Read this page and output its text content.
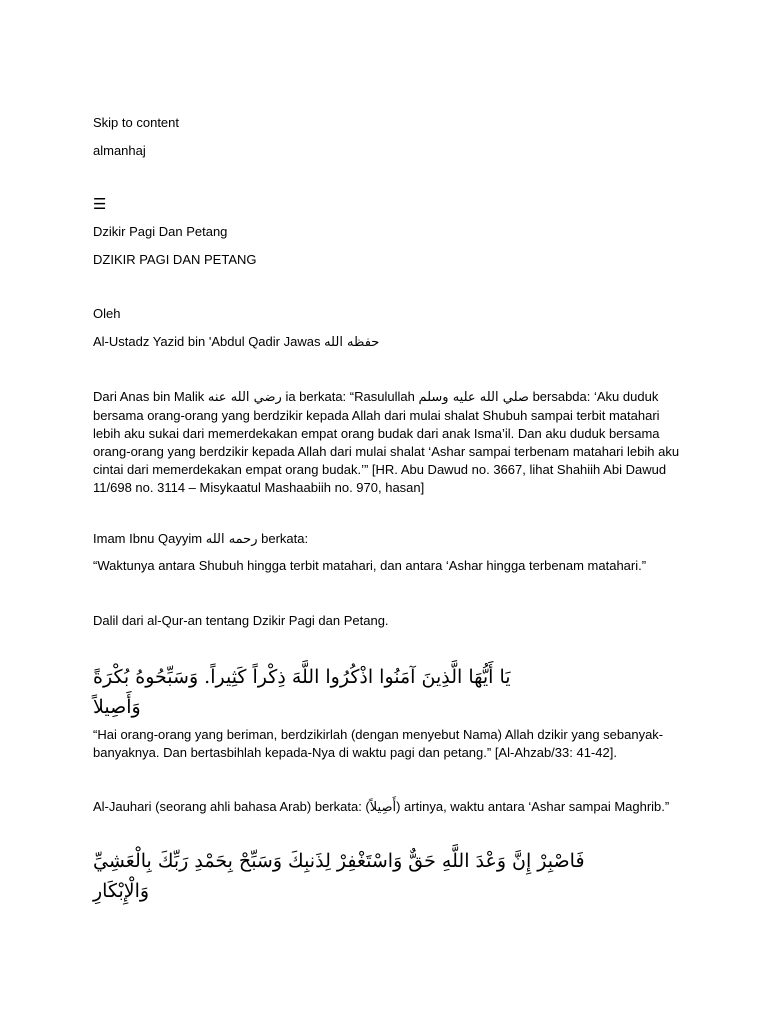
Skip to content

almanhaj

☰

Dzikir Pagi Dan Petang

DZIKIR PAGI DAN PETANG

Oleh

Al-Ustadz Yazid bin 'Abdul Qadir Jawas حفظه الله

Dari Anas bin Malik رضي الله عنه ia berkata: “Rasulullah صلي الله عليه وسلم bersabda: ‘Aku duduk bersama orang-orang yang berdzikir kepada Allah dari mulai shalat Shubuh sampai terbit matahari lebih aku sukai dari memerdekakan empat orang budak dari anak Isma’il. Dan aku duduk bersama orang-orang yang berdzikir kepada Allah dari mulai shalat ‘Ashar sampai terbenam matahari lebih aku cintai dari memerdekakan empat orang budak.’” [HR. Abu Dawud no. 3667, lihat Shahiih Abi Dawud 11/698 no. 3114 – Misykaatul Mashaabiih no. 970, hasan]

Imam Ibnu Qayyim رحمه الله berkata:

“Waktunya antara Shubuh hingga terbit matahari, dan antara ‘Ashar hingga terbenam matahari.”

Dalil dari al-Qur-an tentang Dzikir Pagi dan Petang.

يَا أَيُّهَا الَّذِينَ آمَنُوا اذْكُرُوا اللَّهَ ذِكْراً كَثِيراً. وَسَبِّحُوهُ بُكْرَةً وَأَصِيلاً

“Hai orang-orang yang beriman, berdzikirlah (dengan menyebut Nama) Allah dzikir yang sebanyak-banyaknya. Dan bertasbihlah kepada-Nya di waktu pagi dan petang.” [Al-Ahzab/33: 41-42].

Al-Jauhari (seorang ahli bahasa Arab) berkata: (أَصِيلاً) artinya, waktu antara ‘Ashar sampai Maghrib.”

فَاصْبِرْ إِنَّ وَعْدَ اللَّهِ حَقٌّ وَاسْتَغْفِرْ لِذَنبِكَ وَسَبِّحْ بِحَمْدِ رَبِّكَ بِالْعَشِيِّ وَالْإِبْكَارِ
